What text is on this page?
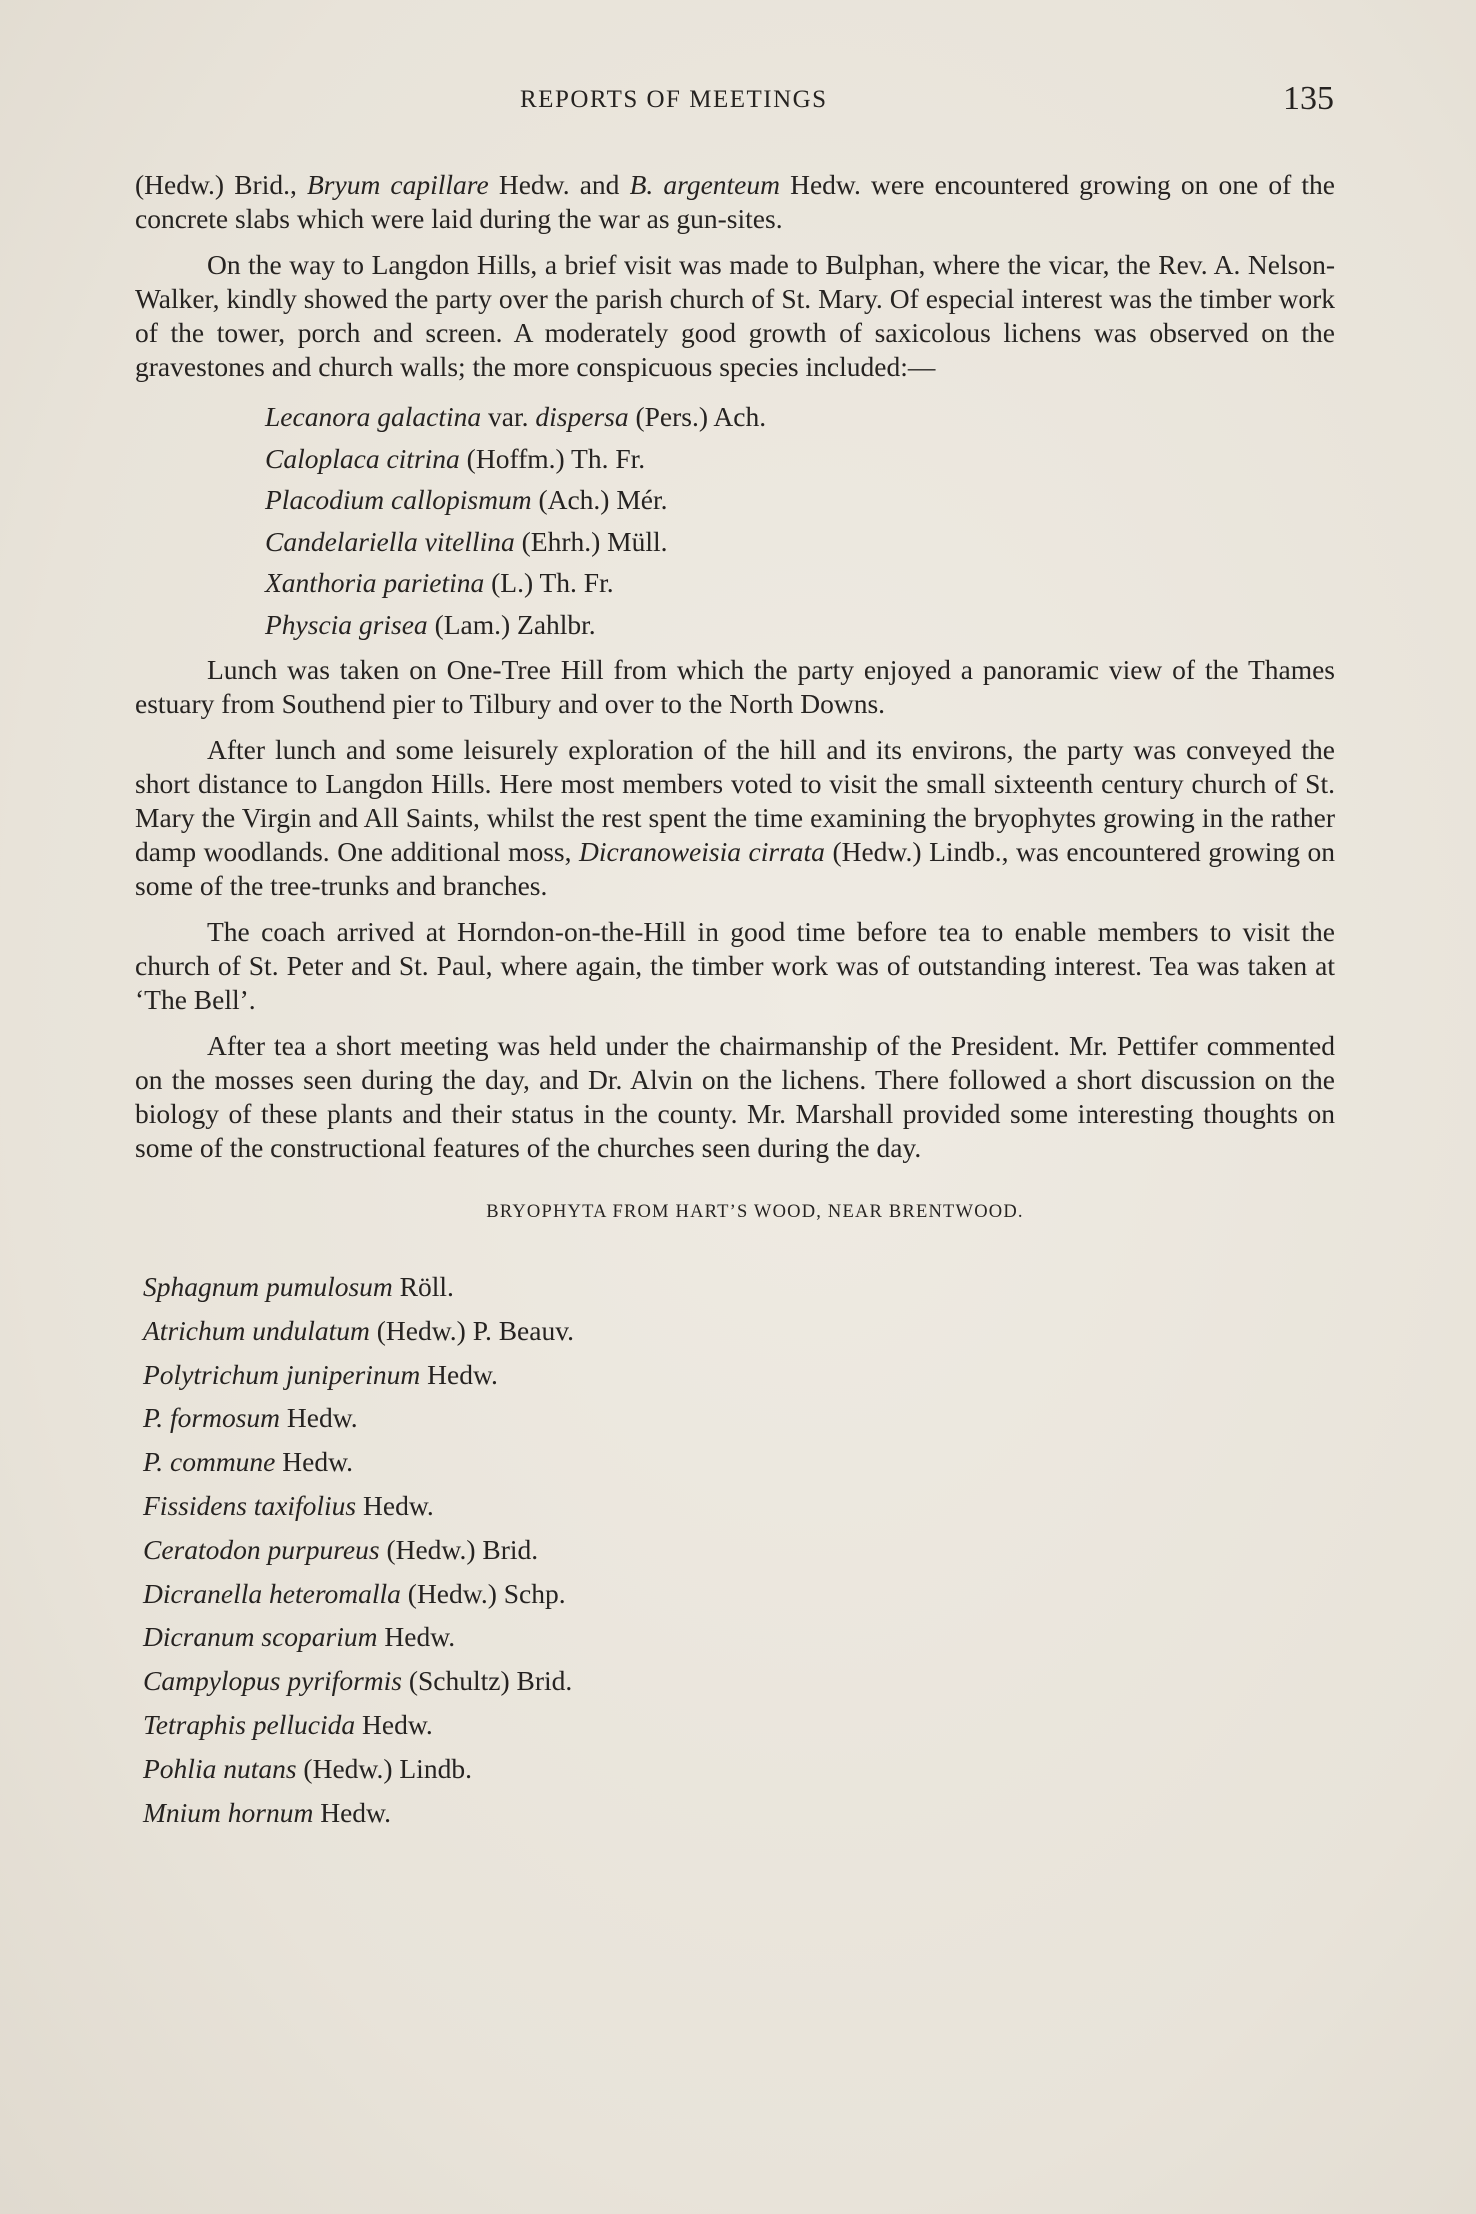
REPORTS OF MEETINGS	135

(Hedw.) Brid., Bryum capillare Hedw. and B. argenteum Hedw. were encountered growing on one of the concrete slabs which were laid during the war as gun-sites.

On the way to Langdon Hills, a brief visit was made to Bulphan, where the vicar, the Rev. A. Nelson-Walker, kindly showed the party over the parish church of St. Mary. Of especial interest was the timber work of the tower, porch and screen. A moderately good growth of saxicolous lichens was observed on the gravestones and church walls; the more conspicuous species included:—

Lecanora galactina var. dispersa (Pers.) Ach.
Caloplaca citrina (Hoffm.) Th. Fr.
Placodium callopismum (Ach.) Mér.
Candelariella vitellina (Ehrh.) Müll.
Xanthoria parietina (L.) Th. Fr.
Physcia grisea (Lam.) Zahlbr.

Lunch was taken on One-Tree Hill from which the party enjoyed a panoramic view of the Thames estuary from Southend pier to Tilbury and over to the North Downs.

After lunch and some leisurely exploration of the hill and its environs, the party was conveyed the short distance to Langdon Hills. Here most members voted to visit the small sixteenth century church of St. Mary the Virgin and All Saints, whilst the rest spent the time examining the bryophytes growing in the rather damp woodlands. One additional moss, Dicranoweisia cirrata (Hedw.) Lindb., was encountered growing on some of the tree-trunks and branches.

The coach arrived at Horndon-on-the-Hill in good time before tea to enable members to visit the church of St. Peter and St. Paul, where again, the timber work was of outstanding interest. Tea was taken at ‘The Bell’.

After tea a short meeting was held under the chairmanship of the President. Mr. Pettifer commented on the mosses seen during the day, and Dr. Alvin on the lichens. There followed a short discussion on the biology of these plants and their status in the county. Mr. Marshall provided some interesting thoughts on some of the constructional features of the churches seen during the day.

BRYOPHYTA FROM HART’S WOOD, NEAR BRENTWOOD.
Sphagnum pumulosum Röll.
Atrichum undulatum (Hedw.) P. Beauv.
Polytrichum juniperinum Hedw.
P. formosum Hedw.
P. commune Hedw.
Fissidens taxifolius Hedw.
Ceratodon purpureus (Hedw.) Brid.
Dicranella heteromalla (Hedw.) Schp.
Dicranum scoparium Hedw.
Campylopus pyriformis (Schultz) Brid.
Tetraphis pellucida Hedw.
Pohlia nutans (Hedw.) Lindb.
Mnium hornum Hedw.
